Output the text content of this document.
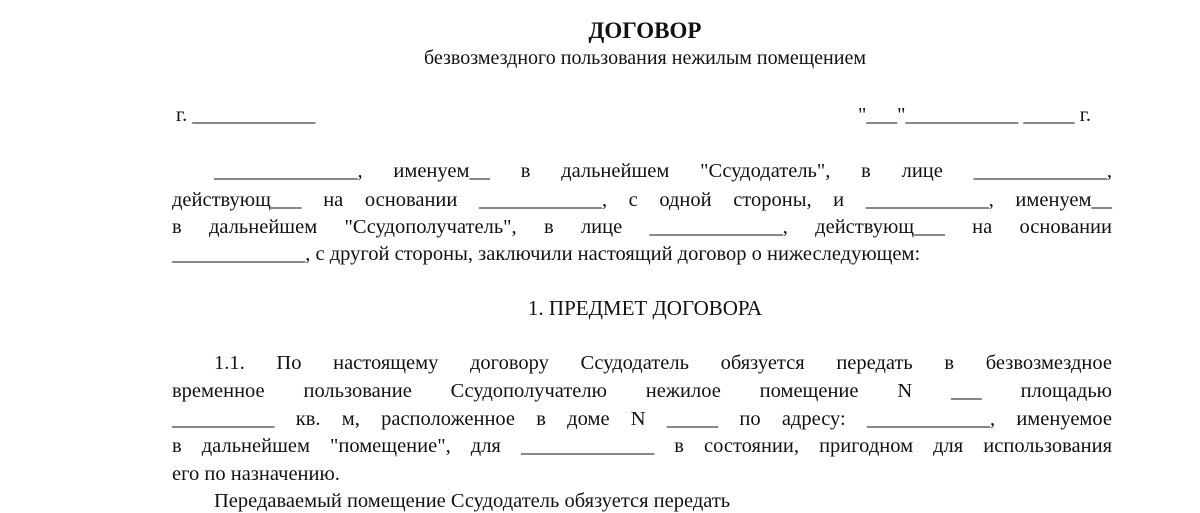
ДОГОВОР
безвозмездного пользования нежилым помещением
г. ____________	"___"___________ _____ г.
______________, именуем__ в дальнейшем "Ссудодатель", в лице _____________,
действующ___ на основании ____________, с одной стороны, и ____________, именуем__
в дальнейшем "Ссудополучатель", в лице _____________, действующ___ на основании
_____________, с другой стороны, заключили настоящий договор о нижеследующем:
1. ПРЕДМЕТ ДОГОВОРА
1.1. По настоящему договору Ссудодатель обязуется передать в безвозмездное
временное пользование Ссудополучателю нежилое помещение N ___ площадью
__________ кв. м, расположенное в доме N _____ по адресу: ____________, именуемое
в дальнейшем "помещение", для _____________ в состоянии, пригодном для использования
его по назначению.
Передаваемый помещение Ссудодатель обязуется передать
